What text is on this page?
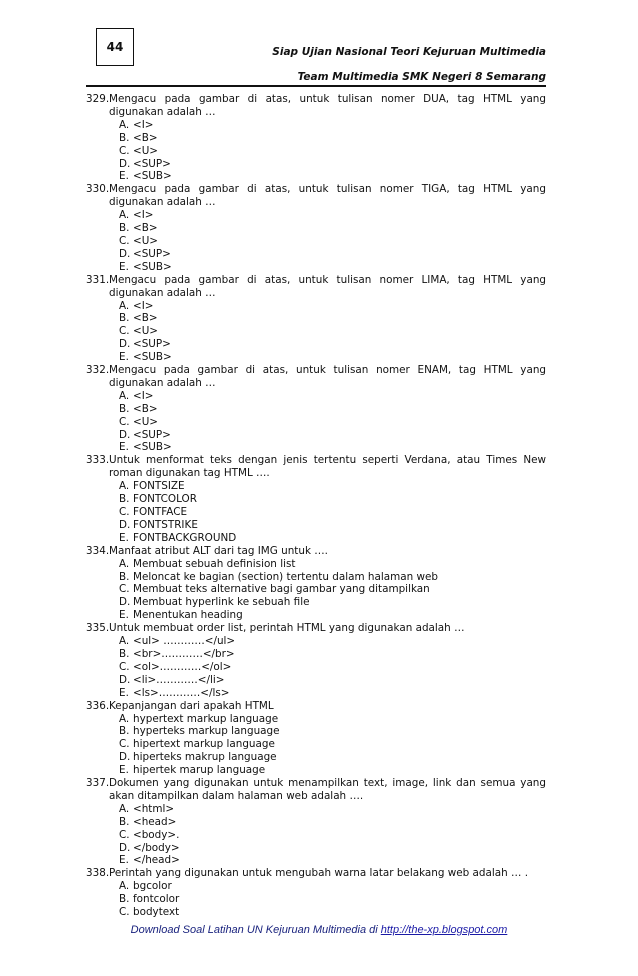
44	Siap Ujian Nasional Teori Kejuruan Multimedia
Team Multimedia SMK Negeri 8 Semarang
329. Mengacu pada gambar di atas, untuk tulisan nomer DUA, tag HTML yang digunakan adalah …
A. <I>
B. <B>
C. <U>
D. <SUP>
E. <SUB>
330. Mengacu pada gambar di atas, untuk tulisan nomer TIGA, tag HTML yang digunakan adalah …
A. <I>
B. <B>
C. <U>
D. <SUP>
E. <SUB>
331. Mengacu pada gambar di atas, untuk tulisan nomer LIMA, tag HTML yang digunakan adalah …
A. <I>
B. <B>
C. <U>
D. <SUP>
E. <SUB>
332. Mengacu pada gambar di atas, untuk tulisan nomer ENAM, tag HTML yang digunakan adalah …
A. <I>
B. <B>
C. <U>
D. <SUP>
E. <SUB>
333. Untuk menformat teks dengan jenis tertentu seperti Verdana, atau Times New roman digunakan tag HTML ….
A. FONTSIZE
B. FONTCOLOR
C. FONTFACE
D. FONTSTRIKE
E. FONTBACKGROUND
334. Manfaat atribut ALT dari tag IMG untuk ….
A. Membuat sebuah definision list
B. Meloncat ke bagian (section) tertentu dalam halaman web
C. Membuat teks alternative bagi gambar yang ditampilkan
D. Membuat hyperlink ke sebuah file
E. Menentukan heading
335. Untuk membuat order list, perintah HTML yang digunakan adalah …
A. <ul> …………</ul>
B. <br>…………</br>
C. <ol>…………</ol>
D. <li>…………</li>
E. <ls>…………</ls>
336. Kepanjangan dari apakah HTML
A. hypertext markup language
B. hyperteks markup language
C. hipertext markup language
D. hiperteks makrup language
E. hipertek marup language
337. Dokumen yang digunakan untuk menampilkan text, image, link dan semua yang akan ditampilkan dalam halaman web adalah ….
A. <html>
B. <head>
C. <body>.
D. </body>
E. </head>
338. Perintah yang digunakan untuk mengubah warna latar belakang web adalah … .
A. bgcolor
B. fontcolor
C. bodytext
Download Soal Latihan UN Kejuruan Multimedia di http://the-xp.blogspot.com
